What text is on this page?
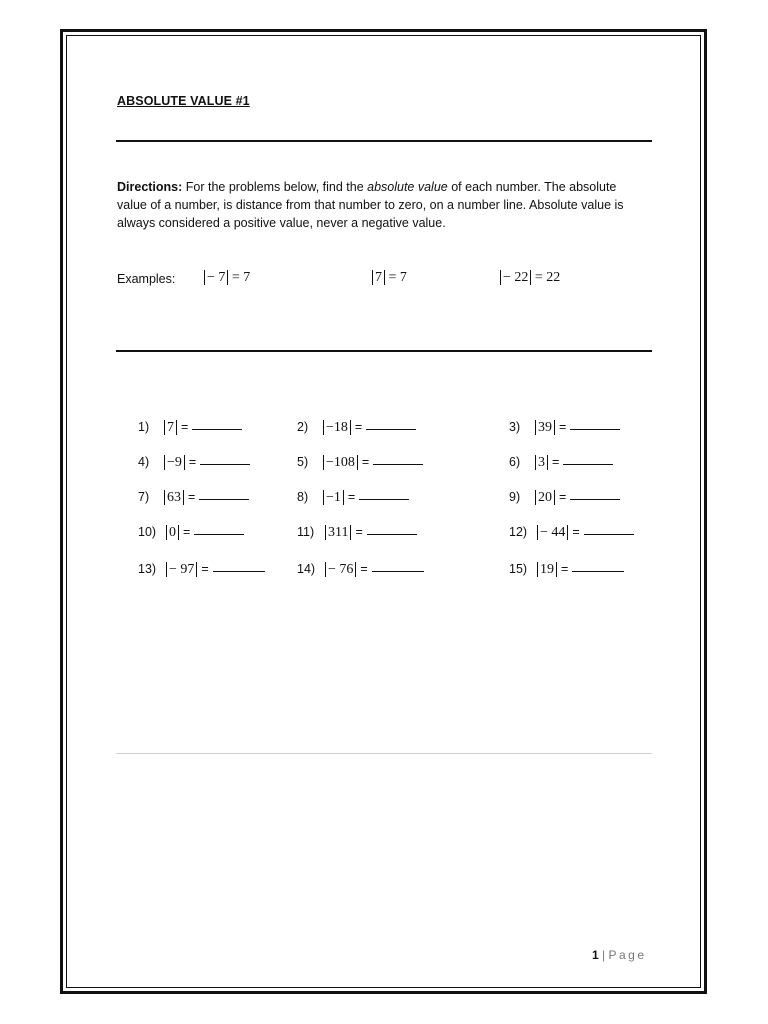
ABSOLUTE VALUE #1
Directions: For the problems below, find the absolute value of each number. The absolute value of a number, is distance from that number to zero, on a number line. Absolute value is always considered a positive value, never a negative value.
Examples: − 7 = 7	7 = 7	− 22 = 22
1)	7 =	2)	−18 =	3)	39 =
4)	−9 =	5)	−108 =	6)	3 =
7)	63 =	8)	−1 =	9)	20 =
10) 0 =	11) 311 =	12) − 44 =
13) − 97 =	14) − 76 =	15) 19 =
1 | Page
